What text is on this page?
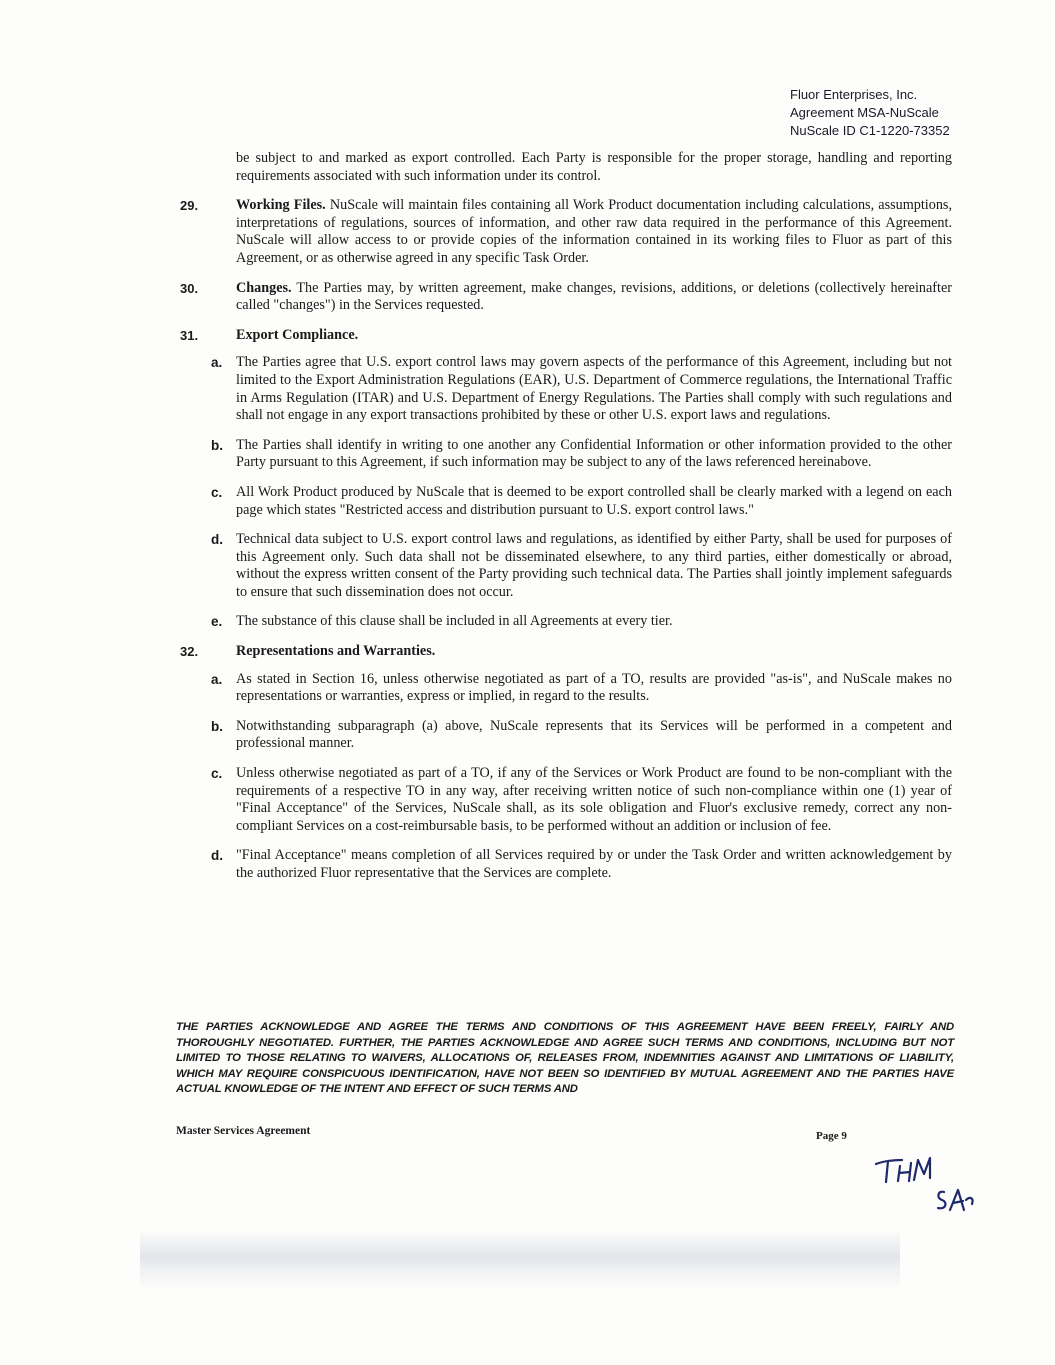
Fluor Enterprises, Inc.
Agreement MSA-NuScale
NuScale ID C1-1220-73352
be subject to and marked as export controlled. Each Party is responsible for the proper storage, handling and reporting requirements associated with such information under its control.
29.	Working Files. NuScale will maintain files containing all Work Product documentation including calculations, assumptions, interpretations of regulations, sources of information, and other raw data required in the performance of this Agreement. NuScale will allow access to or provide copies of the information contained in its working files to Fluor as part of this Agreement, or as otherwise agreed in any specific Task Order.
30.	Changes. The Parties may, by written agreement, make changes, revisions, additions, or deletions (collectively hereinafter called "changes") in the Services requested.
31.	Export Compliance.
a. The Parties agree that U.S. export control laws may govern aspects of the performance of this Agreement, including but not limited to the Export Administration Regulations (EAR), U.S. Department of Commerce regulations, the International Traffic in Arms Regulation (ITAR) and U.S. Department of Energy Regulations. The Parties shall comply with such regulations and shall not engage in any export transactions prohibited by these or other U.S. export laws and regulations.
b. The Parties shall identify in writing to one another any Confidential Information or other information provided to the other Party pursuant to this Agreement, if such information may be subject to any of the laws referenced hereinabove.
c. All Work Product produced by NuScale that is deemed to be export controlled shall be clearly marked with a legend on each page which states "Restricted access and distribution pursuant to U.S. export control laws."
d. Technical data subject to U.S. export control laws and regulations, as identified by either Party, shall be used for purposes of this Agreement only. Such data shall not be disseminated elsewhere, to any third parties, either domestically or abroad, without the express written consent of the Party providing such technical data. The Parties shall jointly implement safeguards to ensure that such dissemination does not occur.
e. The substance of this clause shall be included in all Agreements at every tier.
32.	Representations and Warranties.
a. As stated in Section 16, unless otherwise negotiated as part of a TO, results are provided "as-is", and NuScale makes no representations or warranties, express or implied, in regard to the results.
b. Notwithstanding subparagraph (a) above, NuScale represents that its Services will be performed in a competent and professional manner.
c. Unless otherwise negotiated as part of a TO, if any of the Services or Work Product are found to be non-compliant with the requirements of a respective TO in any way, after receiving written notice of such non-compliance within one (1) year of "Final Acceptance" of the Services, NuScale shall, as its sole obligation and Fluor's exclusive remedy, correct any non-compliant Services on a cost-reimbursable basis, to be performed without an addition or inclusion of fee.
d. "Final Acceptance" means completion of all Services required by or under the Task Order and written acknowledgement by the authorized Fluor representative that the Services are complete.
THE PARTIES ACKNOWLEDGE AND AGREE THE TERMS AND CONDITIONS OF THIS AGREEMENT HAVE BEEN FREELY, FAIRLY AND THOROUGHLY NEGOTIATED. FURTHER, THE PARTIES ACKNOWLEDGE AND AGREE SUCH TERMS AND CONDITIONS, INCLUDING BUT NOT LIMITED TO THOSE RELATING TO WAIVERS, ALLOCATIONS OF, RELEASES FROM, INDEMNITIES AGAINST AND LIMITATIONS OF LIABILITY, WHICH MAY REQUIRE CONSPICUOUS IDENTIFICATION, HAVE NOT BEEN SO IDENTIFIED BY MUTUAL AGREEMENT AND THE PARTIES HAVE ACTUAL KNOWLEDGE OF THE INTENT AND EFFECT OF SUCH TERMS AND
Master Services Agreement	Page 9
